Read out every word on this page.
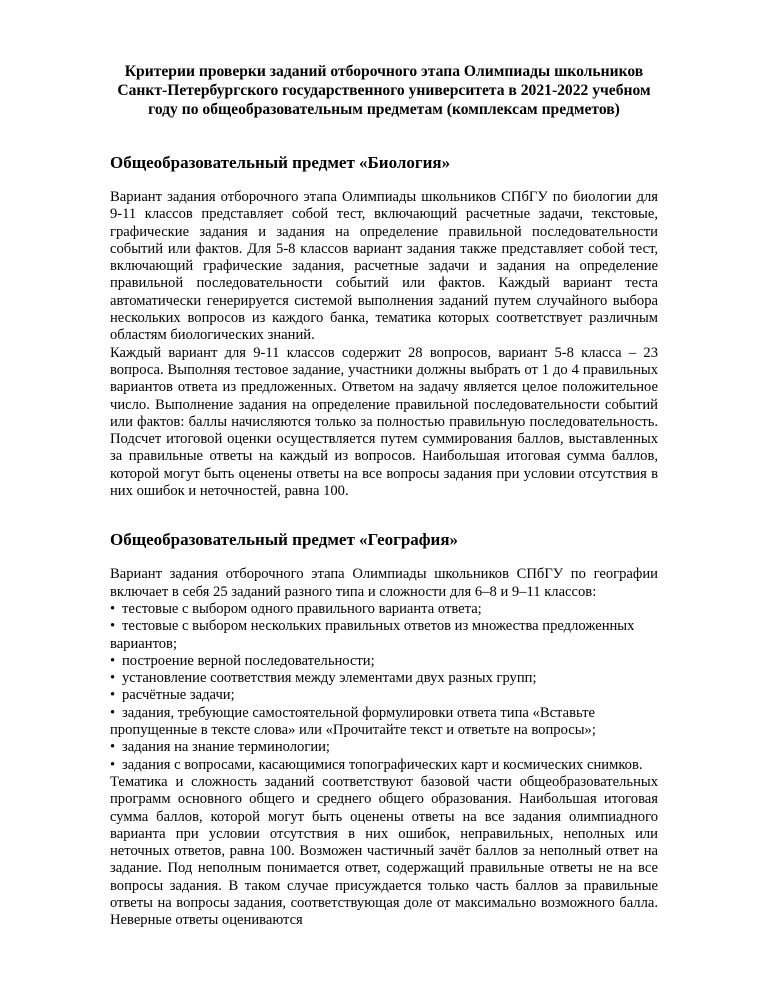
Критерии проверки заданий отборочного этапа Олимпиады школьников Санкт-Петербургского государственного университета в 2021-2022 учебном году по общеобразовательным предметам (комплексам предметов)
Общеобразовательный предмет «Биология»

Вариант задания отборочного этапа Олимпиады школьников СПбГУ по биологии для 9-11 классов представляет собой тест, включающий расчетные задачи, текстовые, графические задания и задания на определение правильной последовательности событий или фактов. Для 5-8 классов вариант задания также представляет собой тест, включающий графические задания, расчетные задачи и задания на определение правильной последовательности событий или фактов. Каждый вариант теста автоматически генерируется системой выполнения заданий путем случайного выбора нескольких вопросов из каждого банка, тематика которых соответствует различным областям биологических знаний.

Каждый вариант для 9-11 классов содержит 28 вопросов, вариант 5-8 класса – 23 вопроса. Выполняя тестовое задание, участники должны выбрать от 1 до 4 правильных вариантов ответа из предложенных. Ответом на задачу является целое положительное число. Выполнение задания на определение правильной последовательности событий или фактов: баллы начисляются только за полностью правильную последовательность. Подсчет итоговой оценки осуществляется путем суммирования баллов, выставленных за правильные ответы на каждый из вопросов. Наибольшая итоговая сумма баллов, которой могут быть оценены ответы на все вопросы задания при условии отсутствия в них ошибок и неточностей, равна 100.

Общеобразовательный предмет «География»

Вариант задания отборочного этапа Олимпиады школьников СПбГУ по географии включает в себя 25 заданий разного типа и сложности для 6–8 и 9–11 классов:

• тестовые с выбором одного правильного варианта ответа;
• тестовые с выбором нескольких правильных ответов из множества предложенных вариантов;
• построение верной последовательности;
• установление соответствия между элементами двух разных групп;
• расчётные задачи;
• задания, требующие самостоятельной формулировки ответа типа «Вставьте пропущенные в тексте слова» или «Прочитайте текст и ответьте на вопросы»;
• задания на знание терминологии;
• задания с вопросами, касающимися топографических карт и космических снимков.

Тематика и сложность заданий соответствуют базовой части общеобразовательных программ основного общего и среднего общего образования. Наибольшая итоговая сумма баллов, которой могут быть оценены ответы на все задания олимпиадного варианта при условии отсутствия в них ошибок, неправильных, неполных или неточных ответов, равна 100. Возможен частичный зачёт баллов за неполный ответ на задание. Под неполным понимается ответ, содержащий правильные ответы не на все вопросы задания. В таком случае присуждается только часть баллов за правильные ответы на вопросы задания, соответствующая доле от максимально возможного балла. Неверные ответы оцениваются
